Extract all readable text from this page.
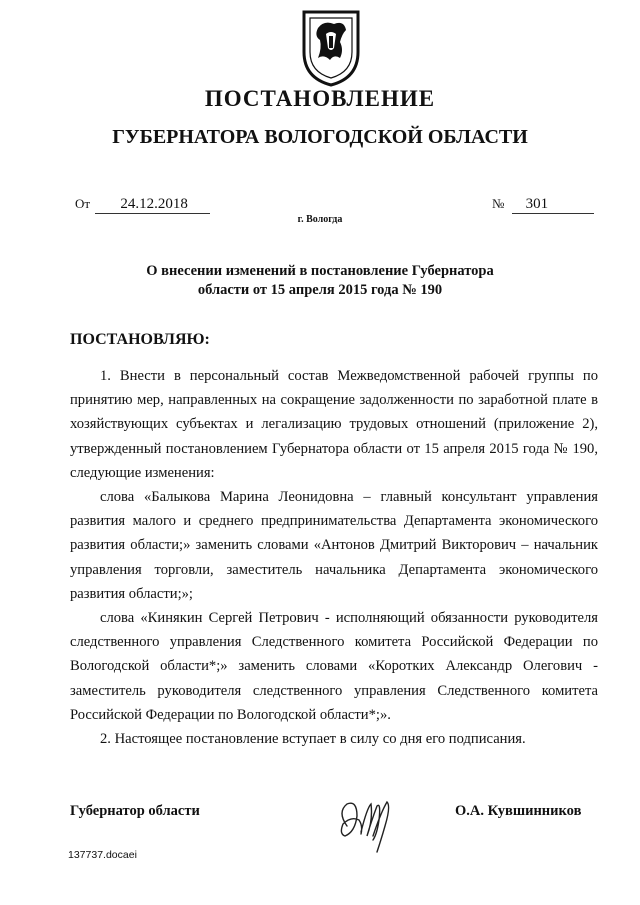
ПОСТАНОВЛЕНИЕ
ГУБЕРНАТОРА ВОЛОГОДСКОЙ ОБЛАСТИ
От 24.12.2018	№ 301
г. Вологда
О внесении изменений в постановление Губернатора
области от 15 апреля 2015 года № 190
ПОСТАНОВЛЯЮ:

1. Внести в персональный состав Межведомственной рабочей группы по принятию мер, направленных на сокращение задолженности по заработной плате в хозяйствующих субъектах и легализацию трудовых отношений (приложение 2), утвержденный постановлением Губернатора области от 15 апреля 2015 года № 190, следующие изменения:

слова «Балыкова Марина Леонидовна – главный консультант управления развития малого и среднего предпринимательства Департамента экономического развития области;» заменить словами «Антонов Дмитрий Викторович – начальник управления торговли, заместитель начальника Департамента экономического развития области;»;

слова «Кинякин Сергей Петрович - исполняющий обязанности руководителя следственного управления Следственного комитета Российской Федерации по Вологодской области*;» заменить словами «Коротких Александр Олегович - заместитель руководителя следственного управления Следственного комитета Российской Федерации по Вологодской области*;».

2. Настоящее постановление вступает в силу со дня его подписания.

Губернатор области	О.А. Кувшинников
137737.docaei
